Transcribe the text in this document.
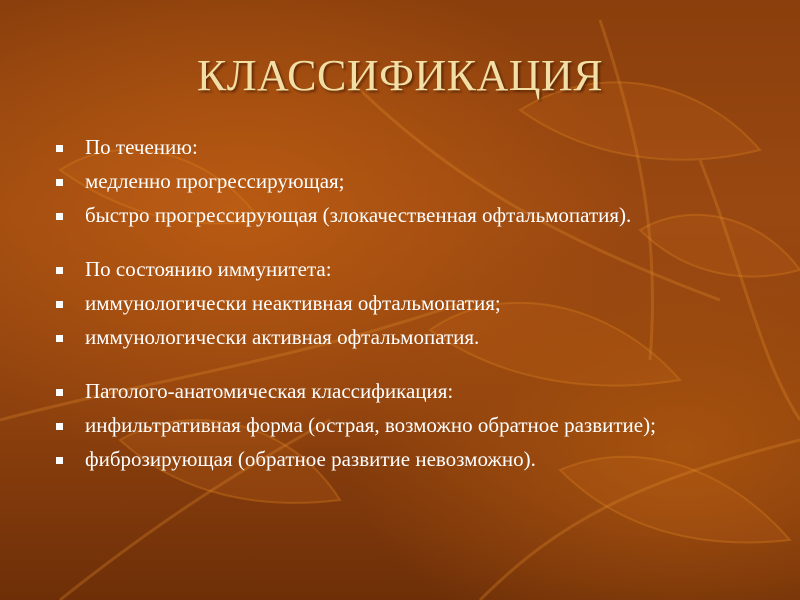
КЛАССИФИКАЦИЯ
По течению:
медленно прогрессирующая;
быстро прогрессирующая (злокачественная офтальмопатия).
По состоянию иммунитета:
иммунологически неактивная офтальмопатия;
иммунологически активная офтальмопатия.
Патолого-анатомическая классификация:
инфильтративная форма (острая, возможно обратное развитие);
фиброзирующая (обратное развитие невозможно).
